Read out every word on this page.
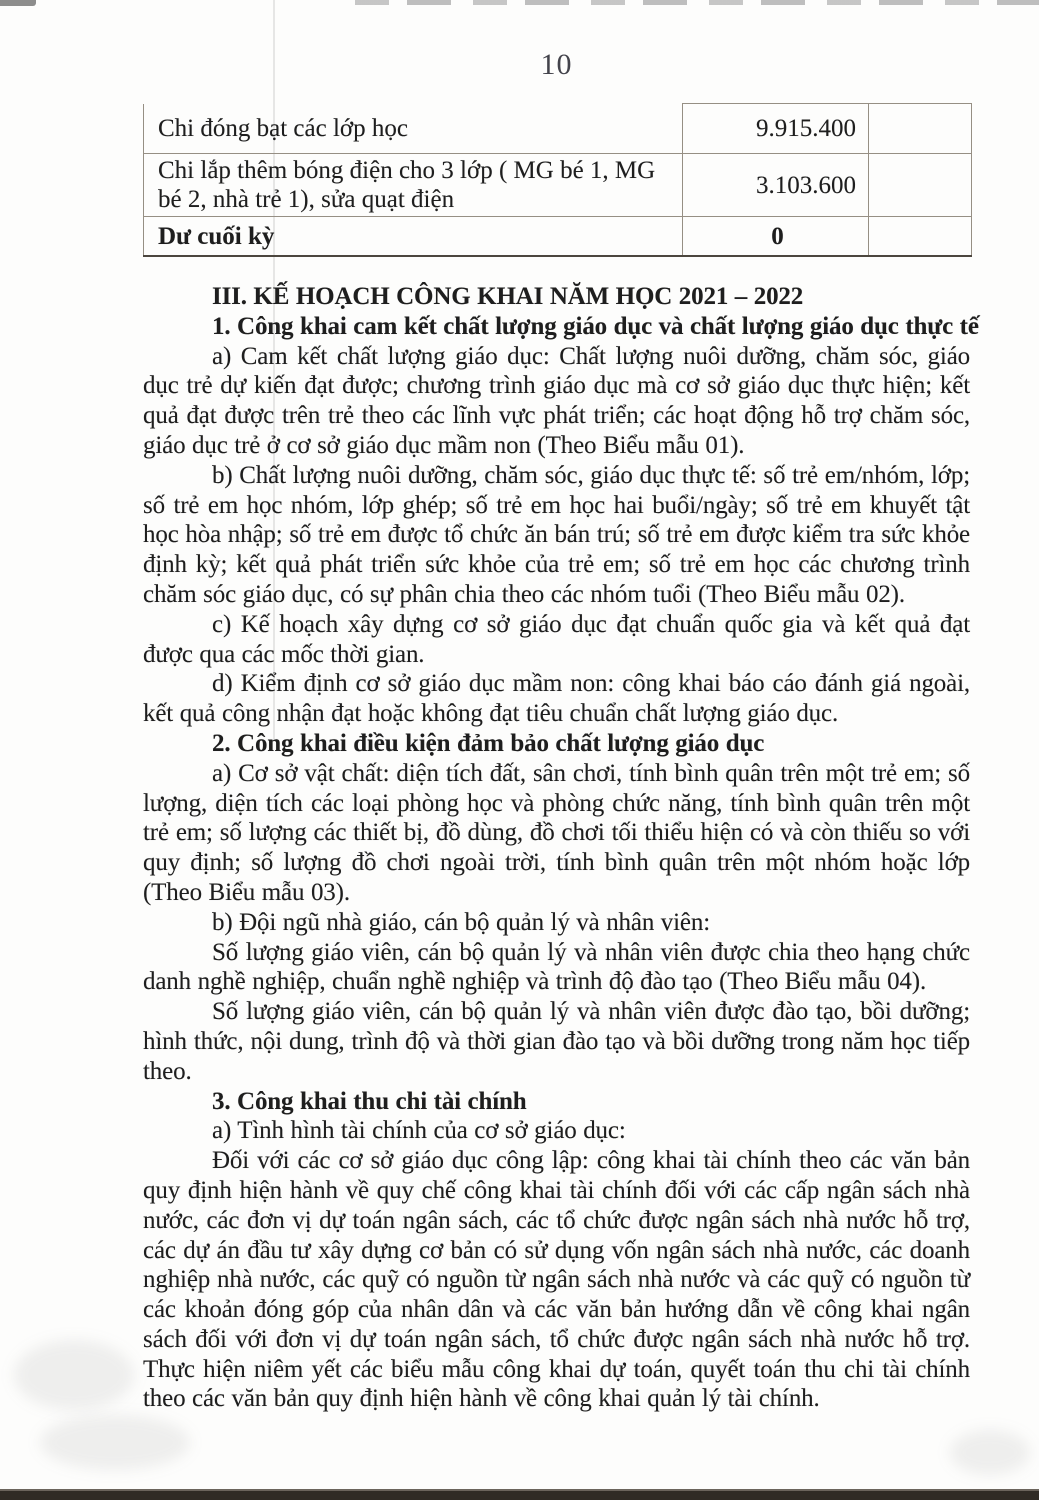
10
Chi đóng bạt các lớp học	9.915.400	
Chi lắp thêm bóng điện cho 3 lớp ( MG bé 1, MG bé 2, nhà trẻ 1), sửa quạt điện	3.103.600	
Dư cuối kỳ	0	

III. KẾ HOẠCH CÔNG KHAI NĂM HỌC 2021 – 2022

1. Công khai cam kết chất lượng giáo dục và chất lượng giáo dục thực tế

a) Cam kết chất lượng giáo dục: Chất lượng nuôi dưỡng, chăm sóc, giáo dục trẻ dự kiến đạt được; chương trình giáo dục mà cơ sở giáo dục thực hiện; kết quả đạt được trên trẻ theo các lĩnh vực phát triển; các hoạt động hỗ trợ chăm sóc, giáo dục trẻ ở cơ sở giáo dục mầm non (Theo Biểu mẫu 01).

b) Chất lượng nuôi dưỡng, chăm sóc, giáo dục thực tế: số trẻ em/nhóm, lớp; số trẻ em học nhóm, lớp ghép; số trẻ em học hai buổi/ngày; số trẻ em khuyết tật học hòa nhập; số trẻ em được tổ chức ăn bán trú; số trẻ em được kiểm tra sức khỏe định kỳ; kết quả phát triển sức khỏe của trẻ em; số trẻ em học các chương trình chăm sóc giáo dục, có sự phân chia theo các nhóm tuổi (Theo Biểu mẫu 02).

c) Kế hoạch xây dựng cơ sở giáo dục đạt chuẩn quốc gia và kết quả đạt được qua các mốc thời gian.

d) Kiểm định cơ sở giáo dục mầm non: công khai báo cáo đánh giá ngoài, kết quả công nhận đạt hoặc không đạt tiêu chuẩn chất lượng giáo dục.

2. Công khai điều kiện đảm bảo chất lượng giáo dục

a) Cơ sở vật chất: diện tích đất, sân chơi, tính bình quân trên một trẻ em; số lượng, diện tích các loại phòng học và phòng chức năng, tính bình quân trên một trẻ em; số lượng các thiết bị, đồ dùng, đồ chơi tối thiểu hiện có và còn thiếu so với quy định; số lượng đồ chơi ngoài trời, tính bình quân trên một nhóm hoặc lớp (Theo Biểu mẫu 03).

b) Đội ngũ nhà giáo, cán bộ quản lý và nhân viên:

Số lượng giáo viên, cán bộ quản lý và nhân viên được chia theo hạng chức danh nghề nghiệp, chuẩn nghề nghiệp và trình độ đào tạo (Theo Biểu mẫu 04).

Số lượng giáo viên, cán bộ quản lý và nhân viên được đào tạo, bồi dưỡng; hình thức, nội dung, trình độ và thời gian đào tạo và bồi dưỡng trong năm học tiếp theo.

3. Công khai thu chi tài chính

a) Tình hình tài chính của cơ sở giáo dục:

Đối với các cơ sở giáo dục công lập: công khai tài chính theo các văn bản quy định hiện hành về quy chế công khai tài chính đối với các cấp ngân sách nhà nước, các đơn vị dự toán ngân sách, các tổ chức được ngân sách nhà nước hỗ trợ, các dự án đầu tư xây dựng cơ bản có sử dụng vốn ngân sách nhà nước, các doanh nghiệp nhà nước, các quỹ có nguồn từ ngân sách nhà nước và các quỹ có nguồn từ các khoản đóng góp của nhân dân và các văn bản hướng dẫn về công khai ngân sách đối với đơn vị dự toán ngân sách, tổ chức được ngân sách nhà nước hỗ trợ. Thực hiện niêm yết các biểu mẫu công khai dự toán, quyết toán thu chi tài chính theo các văn bản quy định hiện hành về công khai quản lý tài chính.
